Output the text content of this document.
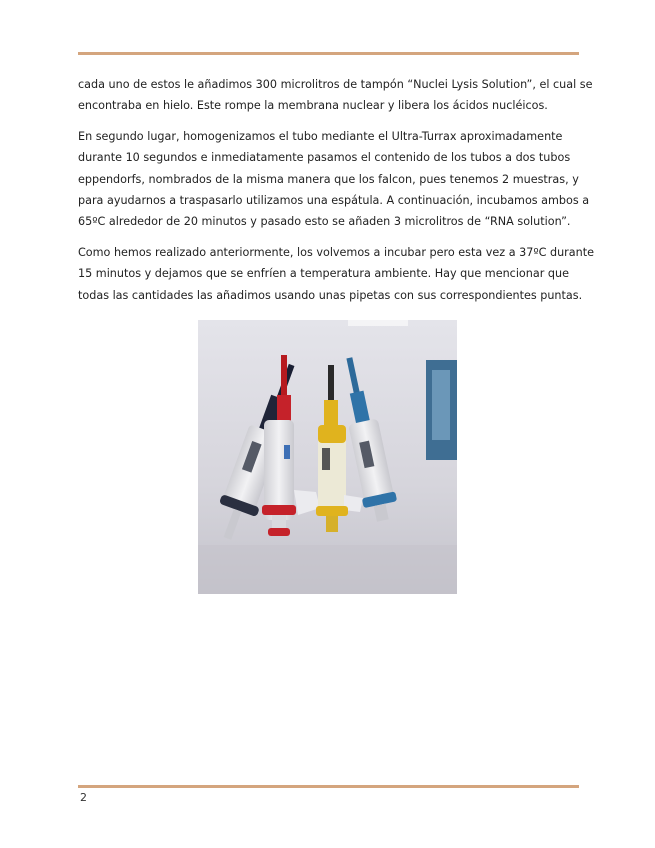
cada uno de estos le añadimos 300 microlitros de tampón “Nuclei Lysis Solution”, el cual se

encontraba en hielo. Este rompe la membrana nuclear y libera los ácidos nucléicos.

En segundo lugar, homogenizamos el tubo mediante el Ultra-Turrax aproximadamente

durante 10 segundos e inmediatamente pasamos el contenido de los tubos a dos tubos

eppendorfs, nombrados de la misma manera que los falcon, pues tenemos 2 muestras, y

para ayudarnos a traspasarlo utilizamos una espátula. A continuación, incubamos ambos a

65ºC alrededor de 20 minutos y pasado esto se añaden 3 microlitros de “RNA solution”.

Como hemos realizado anteriormente, los volvemos a incubar pero esta vez a 37ºC durante

15 minutos y dejamos que se enfríen a temperatura ambiente. Hay que mencionar que

todas las cantidades las añadimos usando unas pipetas con sus correspondientes puntas.

2
